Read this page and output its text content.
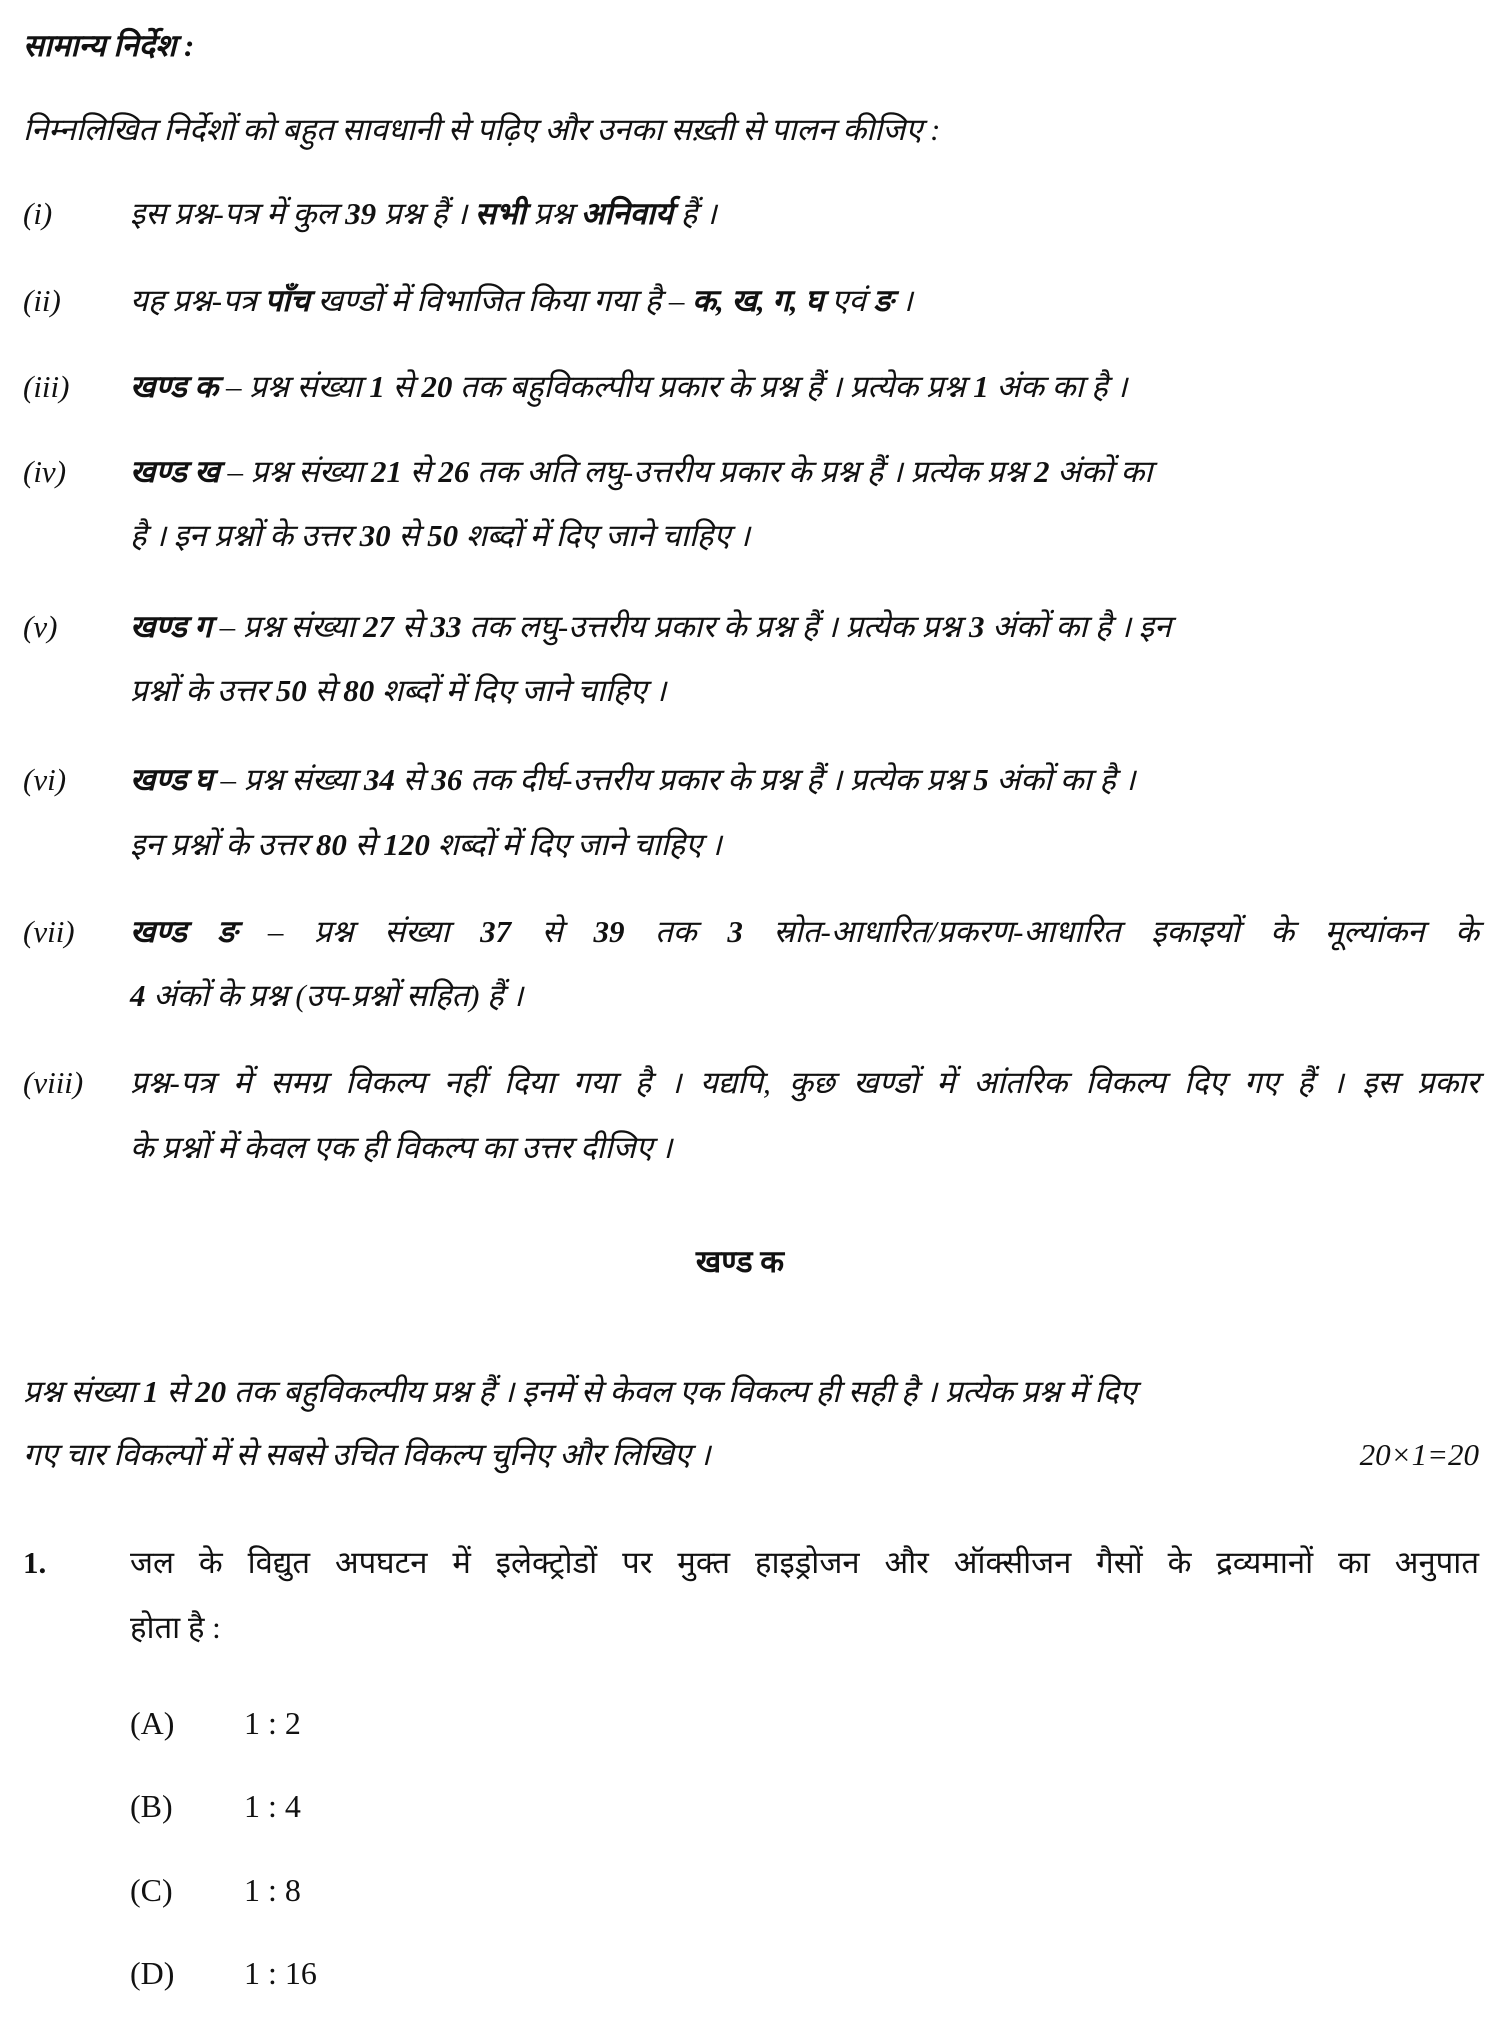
सामान्य निर्देश :
निम्नलिखित निर्देशों को बहुत सावधानी से पढ़िए और उनका सख़्ती से पालन कीजिए :
(i)	इस प्रश्न-पत्र में कुल 39 प्रश्न हैं । सभी प्रश्न अनिवार्य हैं ।
(ii) यह प्रश्न-पत्र पाँच खण्डों में विभाजित किया गया है – क, ख, ग, घ एवं ङ ।
(iii) खण्ड क – प्रश्न संख्या 1 से 20 तक बहुविकल्पीय प्रकार के प्रश्न हैं । प्रत्येक प्रश्न 1 अंक का है ।
(iv) खण्ड ख – प्रश्न संख्या 21 से 26 तक अति लघु-उत्तरीय प्रकार के प्रश्न हैं । प्रत्येक प्रश्न 2 अंकों का
है । इन प्रश्नों के उत्तर 30 से 50 शब्दों में दिए जाने चाहिए ।
(v) खण्ड ग – प्रश्न संख्या 27 से 33 तक लघु-उत्तरीय प्रकार के प्रश्न हैं । प्रत्येक प्रश्न 3 अंकों का है । इन
प्रश्नों के उत्तर 50 से 80 शब्दों में दिए जाने चाहिए ।
(vi) खण्ड घ – प्रश्न संख्या 34 से 36 तक दीर्घ-उत्तरीय प्रकार के प्रश्न हैं । प्रत्येक प्रश्न 5 अंकों का है ।
इन प्रश्नों के उत्तर 80 से 120 शब्दों में दिए जाने चाहिए ।
(vii) खण्ड ङ – प्रश्न संख्या 37 से 39 तक 3 स्रोत-आधारित/प्रकरण-आधारित इकाइयों के मूल्यांकन के
4 अंकों के प्रश्न (उप-प्रश्नों सहित) हैं ।
(viii) प्रश्न-पत्र में समग्र विकल्प नहीं दिया गया है । यद्यपि, कुछ खण्डों में आंतरिक विकल्प दिए गए हैं । इस प्रकार
के प्रश्नों में केवल एक ही विकल्प का उत्तर दीजिए ।
खण्ड क
प्रश्न संख्या 1 से 20 तक बहुविकल्पीय प्रश्न हैं । इनमें से केवल एक विकल्प ही सही है । प्रत्येक प्रश्न में दिए
गए चार विकल्पों में से सबसे उचित विकल्प चुनिए और लिखिए ।	20×1=20
1.	जल के विद्युत अपघटन में इलेक्ट्रोडों पर मुक्त हाइड्रोजन और ऑक्सीजन गैसों के द्रव्यमानों का अनुपात
होता है :
(A) 1 : 2
(B) 1 : 4
(C) 1 : 8
(D) 1 : 16
